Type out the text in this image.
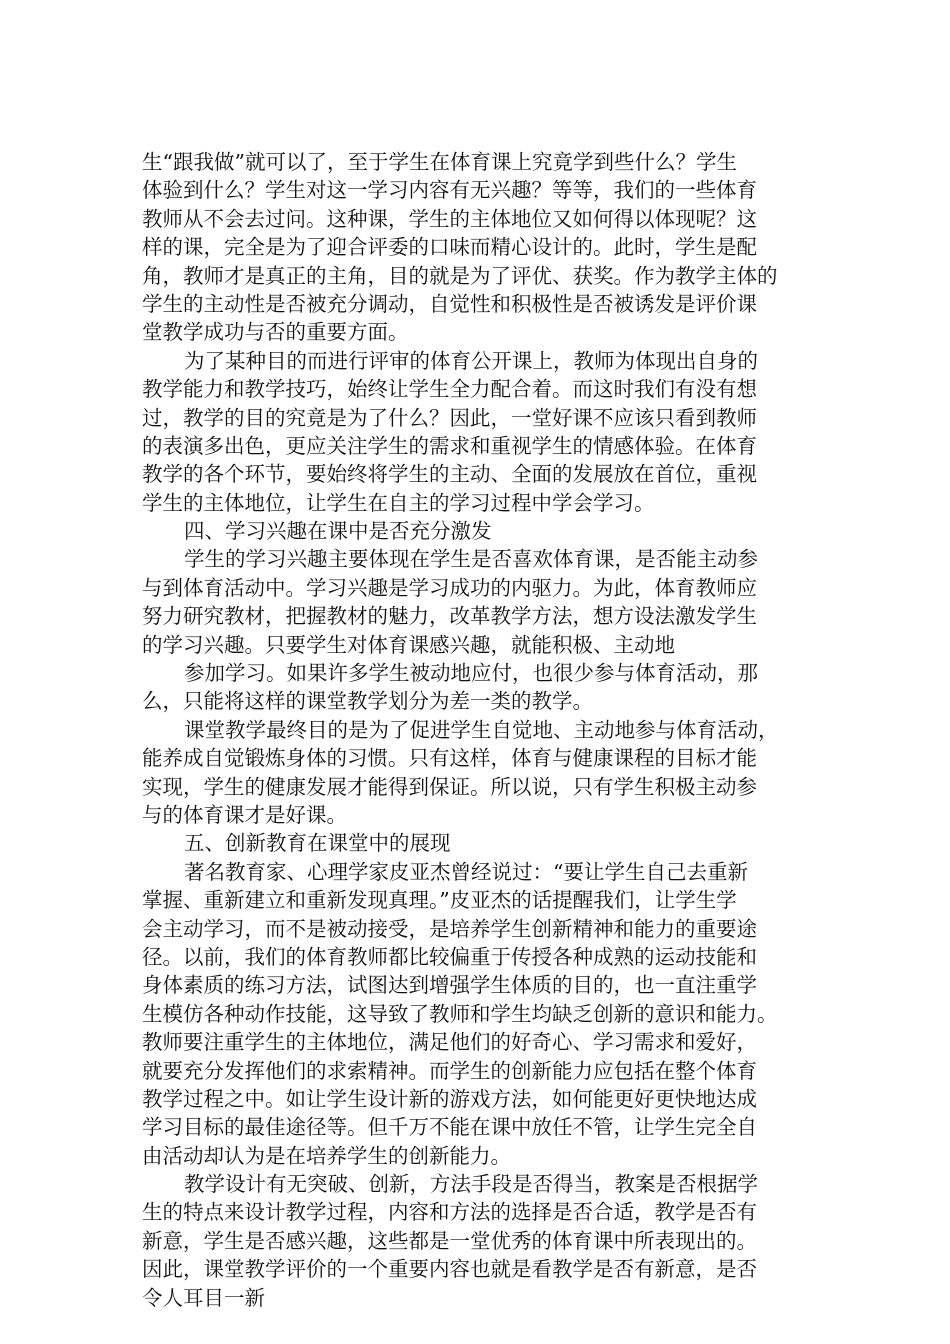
生“跟我做”就可以了，至于学生在体育课上究竟学到些什么？学生
体验到什么？学生对这一学习内容有无兴趣？等等，我们的一些体育
教师从不会去过问。这种课，学生的主体地位又如何得以体现呢？这
样的课，完全是为了迎合评委的口味而精心设计的。此时，学生是配
角，教师才是真正的主角，目的就是为了评优、获奖。作为教学主体的
学生的主动性是否被充分调动，自觉性和积极性是否被诱发是评价课
堂教学成功与否的重要方面。
为了某种目的而进行评审的体育公开课上，教师为体现出自身的
教学能力和教学技巧，始终让学生全力配合着。而这时我们有没有想
过，教学的目的究竟是为了什么？因此，一堂好课不应该只看到教师
的表演多出色，更应关注学生的需求和重视学生的情感体验。在体育
教学的各个环节，要始终将学生的主动、全面的发展放在首位，重视
学生的主体地位，让学生在自主的学习过程中学会学习。
四、学习兴趣在课中是否充分激发
学生的学习兴趣主要体现在学生是否喜欢体育课，是否能主动参
与到体育活动中。学习兴趣是学习成功的内驱力。为此，体育教师应
努力研究教材，把握教材的魅力，改革教学方法，想方设法激发学生
的学习兴趣。只要学生对体育课感兴趣，就能积极、主动地
参加学习。如果许多学生被动地应付，也很少参与体育活动，那
么，只能将这样的课堂教学划分为差一类的教学。
课堂教学最终目的是为了促进学生自觉地、主动地参与体育活动，
能养成自觉锻炼身体的习惯。只有这样，体育与健康课程的目标才能
实现，学生的健康发展才能得到保证。所以说，只有学生积极主动参
与的体育课才是好课。
五、创新教育在课堂中的展现
著名教育家、心理学家皮亚杰曾经说过：“要让学生自己去重新
掌握、重新建立和重新发现真理。”皮亚杰的话提醒我们，让学生学
会主动学习，而不是被动接受，是培养学生创新精神和能力的重要途
径。以前，我们的体育教师都比较偏重于传授各种成熟的运动技能和
身体素质的练习方法，试图达到增强学生体质的目的，也一直注重学
生模仿各种动作技能，这导致了教师和学生均缺乏创新的意识和能力。
教师要注重学生的主体地位，满足他们的好奇心、学习需求和爱好，
就要充分发挥他们的求索精神。而学生的创新能力应包括在整个体育
教学过程之中。如让学生设计新的游戏方法，如何能更好更快地达成
学习目标的最佳途径等。但千万不能在课中放任不管，让学生完全自
由活动却认为是在培养学生的创新能力。
教学设计有无突破、创新，方法手段是否得当，教案是否根据学
生的特点来设计教学过程，内容和方法的选择是否合适，教学是否有
新意，学生是否感兴趣，这些都是一堂优秀的体育课中所表现出的。
因此，课堂教学评价的一个重要内容也就是看教学是否有新意，是否
令人耳目一新
